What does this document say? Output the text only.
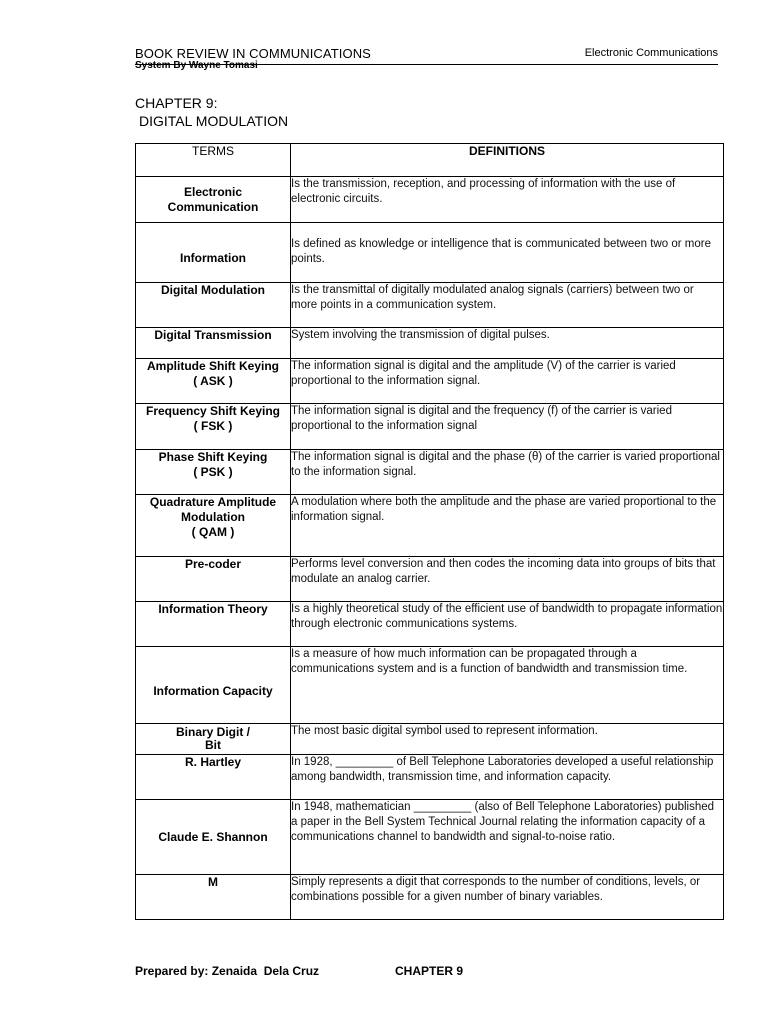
BOOK REVIEW IN COMMUNICATIONS
System By Wayne Tomasi
Electronic Communications
CHAPTER 9:
DIGITAL MODULATION
TERMS	DEFINITIONS
Electronic
Communication	Is the transmission, reception, and processing of information with the use of electronic circuits.
Information	Is defined as knowledge or intelligence that is communicated between two or more points.
Digital Modulation	Is the transmittal of digitally modulated analog signals (carriers) between two or more points in a communication system.
Digital Transmission	System involving the transmission of digital pulses.
Amplitude Shift Keying
( ASK )	The information signal is digital and the amplitude (V) of the carrier is varied proportional to the information signal.
Frequency Shift Keying
( FSK )	The information signal is digital and the frequency (f) of the carrier is varied proportional to the information signal
Phase Shift Keying
( PSK )	The information signal is digital and the phase (θ) of the carrier is varied proportional to the information signal.
Quadrature Amplitude
Modulation
( QAM )	A modulation where both the amplitude and the phase are varied proportional to the information signal.
Pre-coder	Performs level conversion and then codes the incoming data into groups of bits that modulate an analog carrier.
Information Theory	Is a highly theoretical study of the efficient use of bandwidth to propagate information through electronic communications systems.
Information Capacity	Is a measure of how much information can be propagated through a communications system and is a function of bandwidth and transmission time.
Binary Digit /
Bit	The most basic digital symbol used to represent information.
R. Hartley	In 1928, _________ of Bell Telephone Laboratories developed a useful relationship among bandwidth, transmission time, and information capacity.
Claude E. Shannon	In 1948, mathematician _________ (also of Bell Telephone Laboratories) published a paper in the Bell System Technical Journal relating the information capacity of a communications channel to bandwidth and signal-to-noise ratio.
M	Simply represents a digit that corresponds to the number of conditions, levels, or combinations possible for a given number of binary variables.
Prepared by: Zenaida  Dela Cruz	CHAPTER 9
